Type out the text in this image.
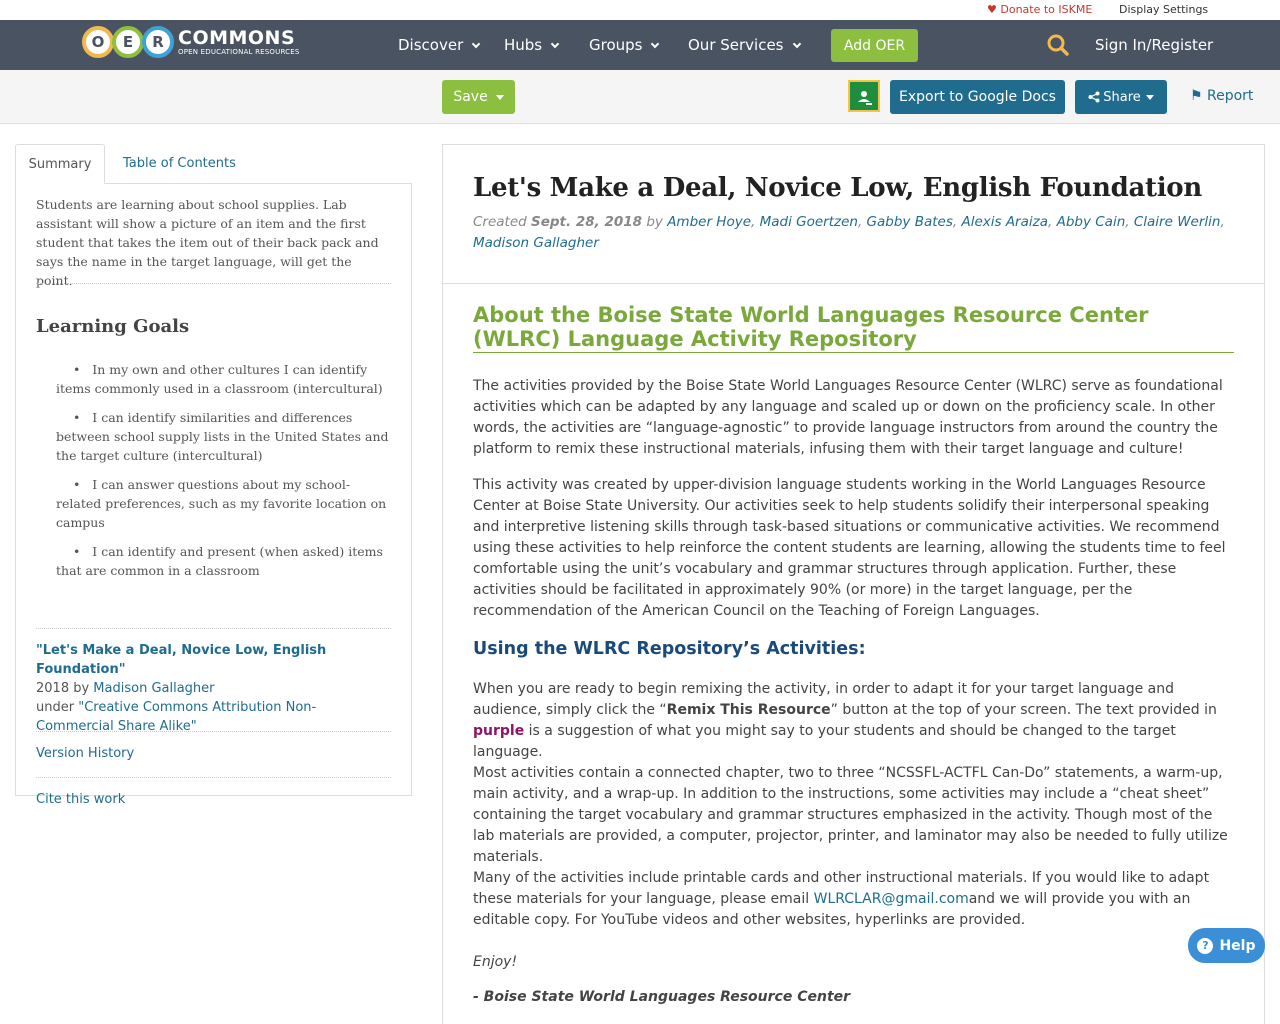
♥ Donate to ISKME Display Settings
O	E	R COMMONS
OPEN EDUCATIONAL RESOURCES	Discover	Hubs	Groups	Our Services	Add OER	Sign In/Register
Save	Export to Google Docs	Share	⚑ Report
Summary	Table of Contents

Students are learning about school supplies. Lab assistant will show a picture of an item and the first student that takes the item out of their back pack and says the name in the target language, will get the point.

Learning Goals
•   In my own and other cultures I can identify items commonly used in a classroom (intercultural)
•   I can identify similarities and differences between school supply lists in the United States and the target culture (intercultural)
•   I can answer questions about my school-related preferences, such as my favorite location on campus
•   I can identify and present (when asked) items that are common in a classroom
"Let's Make a Deal, Novice Low, English Foundation"
2018 by Madison Gallagher
under "Creative Commons Attribution Non-Commercial Share Alike"
Version History
Cite this work
Let's Make a Deal, Novice Low, English Foundation
Created Sept. 28, 2018 by Amber Hoye, Madi Goertzen, Gabby Bates, Alexis Araiza, Abby Cain, Claire Werlin, Madison Gallagher
About the Boise State World Languages Resource Center (WLRC) Language Activity Repository

The activities provided by the Boise State World Languages Resource Center (WLRC) serve as foundational activities which can be adapted by any language and scaled up or down on the proficiency scale. In other words, the activities are “language-agnostic” to provide language instructors from around the country the platform to remix these instructional materials, infusing them with their target language and culture!

This activity was created by upper-division language students working in the World Languages Resource Center at Boise State University. Our activities seek to help students solidify their interpersonal speaking and interpretive listening skills through task-based situations or communicative activities. We recommend using these activities to help reinforce the content students are learning, allowing the students time to feel comfortable using the unit’s vocabulary and grammar structures through application. Further, these activities should be facilitated in approximately 90% (or more) in the target language, per the recommendation of the American Council on the Teaching of Foreign Languages.

Using the WLRC Repository’s Activities:

When you are ready to begin remixing the activity, in order to adapt it for your target language and audience, simply click the “Remix This Resource” button at the top of your screen. The text provided in purple is a suggestion of what you might say to your students and should be changed to the target language.

Most activities contain a connected chapter, two to three “NCSSFL-ACTFL Can-Do” statements, a warm-up, main activity, and a wrap-up. In addition to the instructions, some activities may include a “cheat sheet” containing the target vocabulary and grammar structures emphasized in the activity. Though most of the lab materials are provided, a computer, projector, printer, and laminator may also be needed to fully utilize materials.

Many of the activities include printable cards and other instructional materials. If you would like to adapt these materials for your language, please email WLRCLAR@gmail.comand we will provide you with an editable copy. For YouTube videos and other websites, hyperlinks are provided.

Enjoy!

- Boise State World Languages Resource Center

? Help
